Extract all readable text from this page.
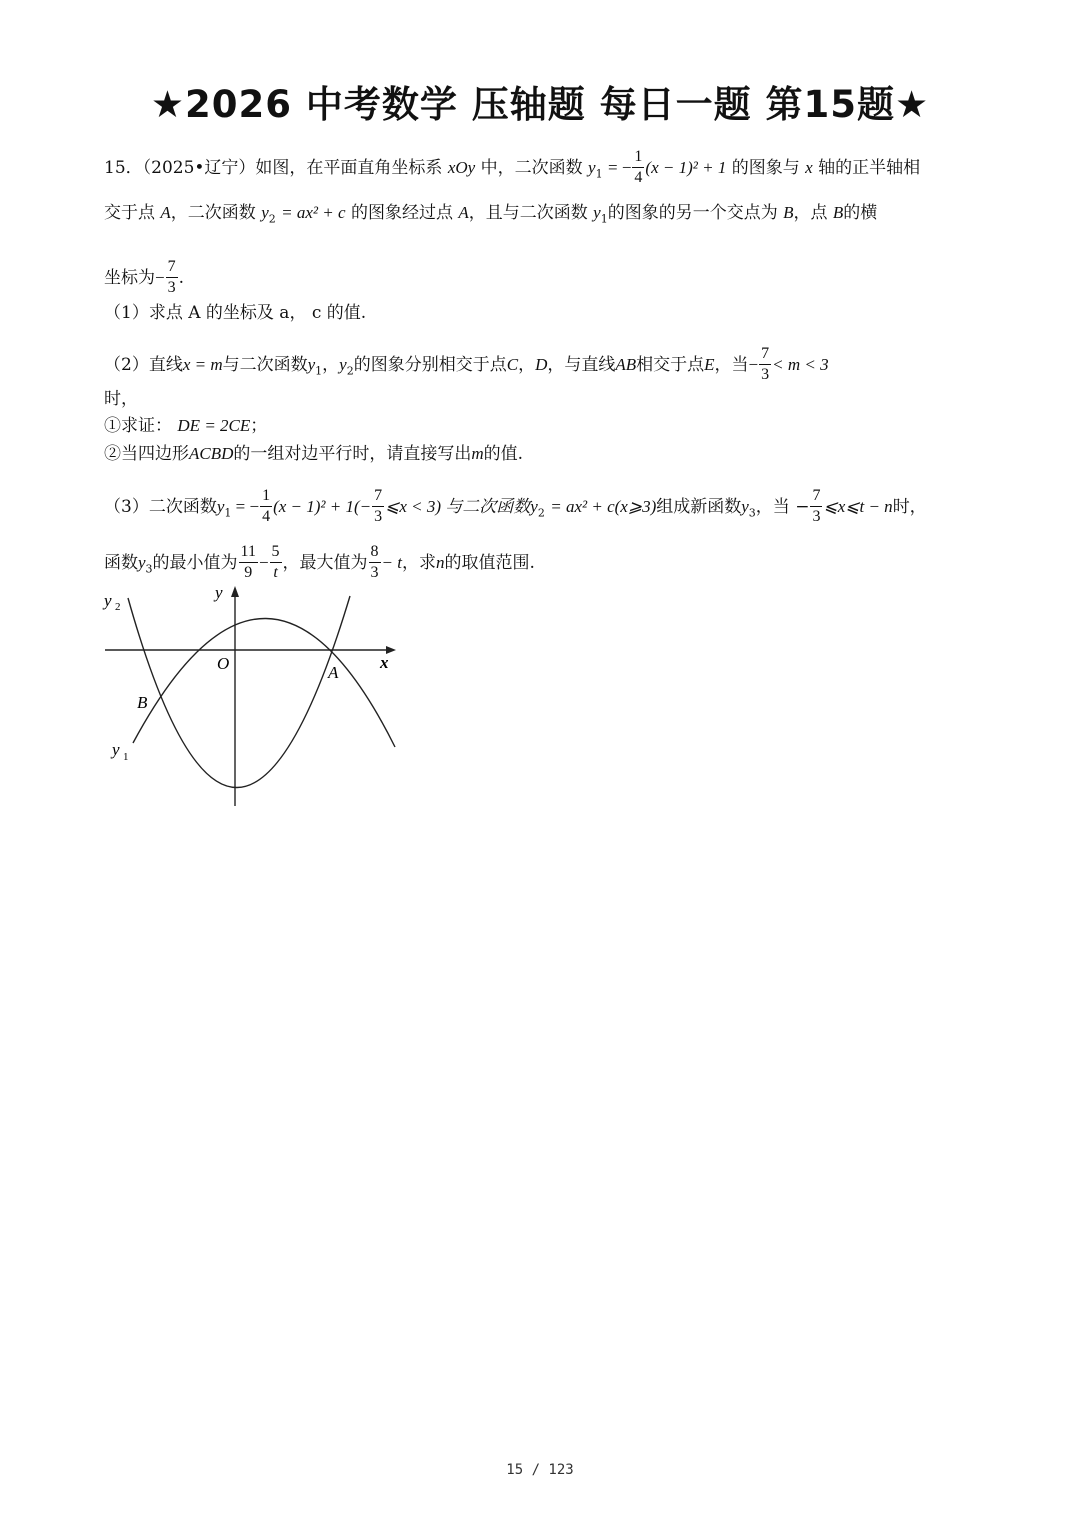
★2026 中考数学 压轴题 每日一题 第15题★
15．（2025•辽宁）如图，在平面直角坐标系 xOy 中，二次函数 $y_1$ = − $\frac{1}{4} (x - 1)^2 + 1$ 的图象与 x 轴的正半轴相
交于点 A，二次函数 $y_2 = ax^2 + c$ 的图象经过点 A，且与二次函数 $y_1$的图象的另一个交点为 B，点 B的横
坐标为− $\frac{7}{3}$ .
（1）求点 A 的坐标及 a， c 的值.
（2）直线x = m与二次函数$y_1$，$y_2$的图象分别相交于点C，D，与直线AB相交于点E，当− $\frac{7}{3} < m < 3$
时，
①求证： DE = 2CE；
②当四边形ACBD的一组对边平行时，请直接写出m的值.
（3）二次函数$y_1$ = − $\frac{1}{4} (x - 1)^2 + 1(- \frac{7}{3}$ ⩽x < 3) 与二次函数$y_2 = ax^2$ + c(x⩾3)组成新函数$y_3$，当 − $\frac{7}{3}$ ⩽x⩽t − n时，
函数$y_3$的最小值为 $\frac{11}{9} - \frac{5}{t}$ ，最大值为 $\frac{8}{3} - t$，求n的取值范围.
y 2
y
O	x
A
B
y 1
15 / 123
